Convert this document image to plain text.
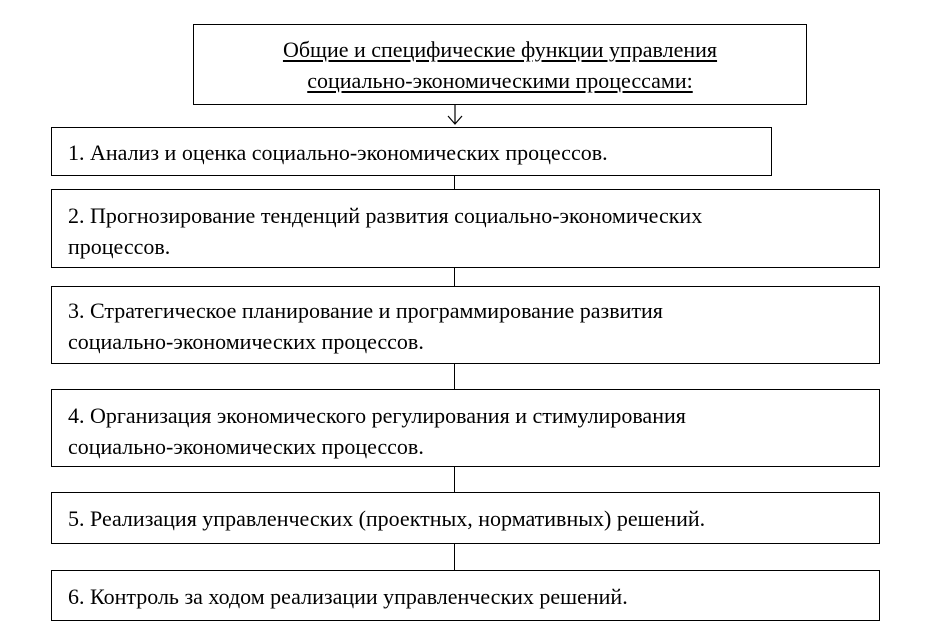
Общие и специфические функции управления
социально-экономическими процессами:
1. Анализ и оценка социально-экономических процессов.
2. Прогнозирование тенденций развития социально-экономических
процессов.
3. Стратегическое планирование и программирование развития
социально-экономических процессов.
4. Организация экономического регулирования и стимулирования
социально-экономических процессов.
5. Реализация управленческих (проектных, нормативных) решений.
6. Контроль за ходом реализации управленческих решений.
